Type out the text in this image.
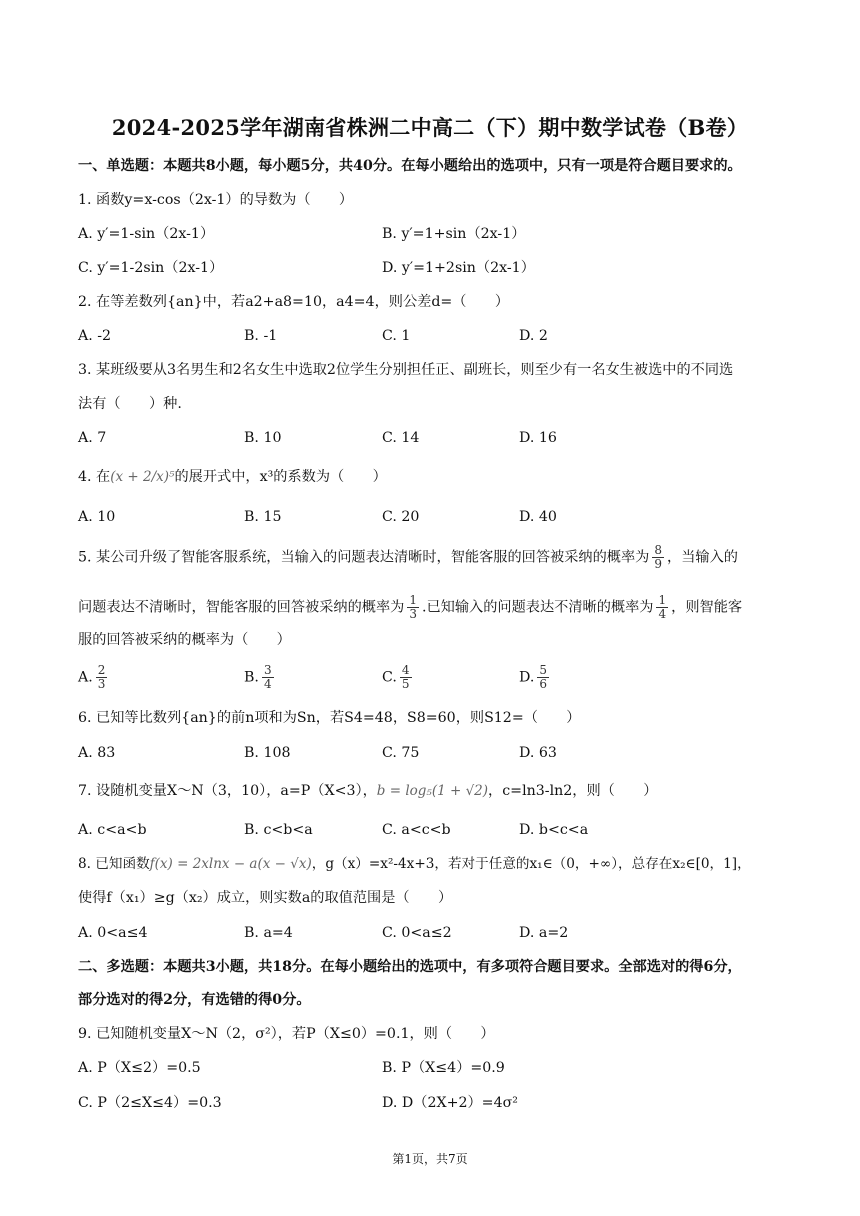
2024-2025学年湖南省株洲二中高二（下）期中数学试卷（B卷）
一、单选题：本题共8小题，每小题5分，共40分。在每小题给出的选项中，只有一项是符合题目要求的。
1. 函数y=x-cos（2x-1）的导数为（　　）
A. y′=1-sin（2x-1）	B. y′=1+sin（2x-1）
C. y′=1-2sin（2x-1）	D. y′=1+2sin（2x-1）
2. 在等差数列{an}中，若a2+a8=10，a4=4，则公差d=（　　）
A. -2	B. -1	C. 1	D. 2
3. 某班级要从3名男生和2名女生中选取2位学生分别担任正、副班长，则至少有一名女生被选中的不同选
法有（　　）种.
A. 7	B. 10	C. 14	D. 16
4. 在(x + 2/x)⁵的展开式中，x³的系数为（　　）
A. 10	B. 15	C. 20	D. 40
5. 某公司升级了智能客服系统，当输入的问题表达清晰时，智能客服的回答被采纳的概率为 $\frac{8}{9}$ ，当输入的
问题表达不清晰时，智能客服的回答被采纳的概率为 $\frac{1}{3}$ .已知输入的问题表达不清晰的概率为 $\frac{1}{4}$ ，则智能客
服的回答被采纳的概率为（　　）
A. $\frac{2}{3}$	B. $\frac{3}{4}$	C. $\frac{4}{5}$	D. $\frac{5}{6}$
6. 已知等比数列{an}的前n项和为Sn，若S4=48，S8=60，则S12=（　　）
A. 83	B. 108	C. 75	D. 63
7. 设随机变量X～N（3，10），a=P（X<3），b = log₅(1 + √2)，c=ln3-ln2，则（　　）
A. c<a<b	B. c<b<a	C. a<c<b	D. b<c<a
8. 已知函数f(x) = 2xlnx − a(x − √x)，g（x）=x²-4x+3，若对于任意的x₁∈（0，+∞），总存在x₂∈[0，1]，
使得f（x₁）≥g（x₂）成立，则实数a的取值范围是（　　）
A. 0<a≤4	B. a=4	C. 0<a≤2	D. a=2
二、多选题：本题共3小题，共18分。在每小题给出的选项中，有多项符合题目要求。全部选对的得6分，
部分选对的得2分，有选错的得0分。
9. 已知随机变量X～N（2，σ²），若P（X≤0）=0.1，则（　　）
A. P（X≤2）=0.5	B. P（X≤4）=0.9
C. P（2≤X≤4）=0.3	D. D（2X+2）=4σ²
第1页，共7页
